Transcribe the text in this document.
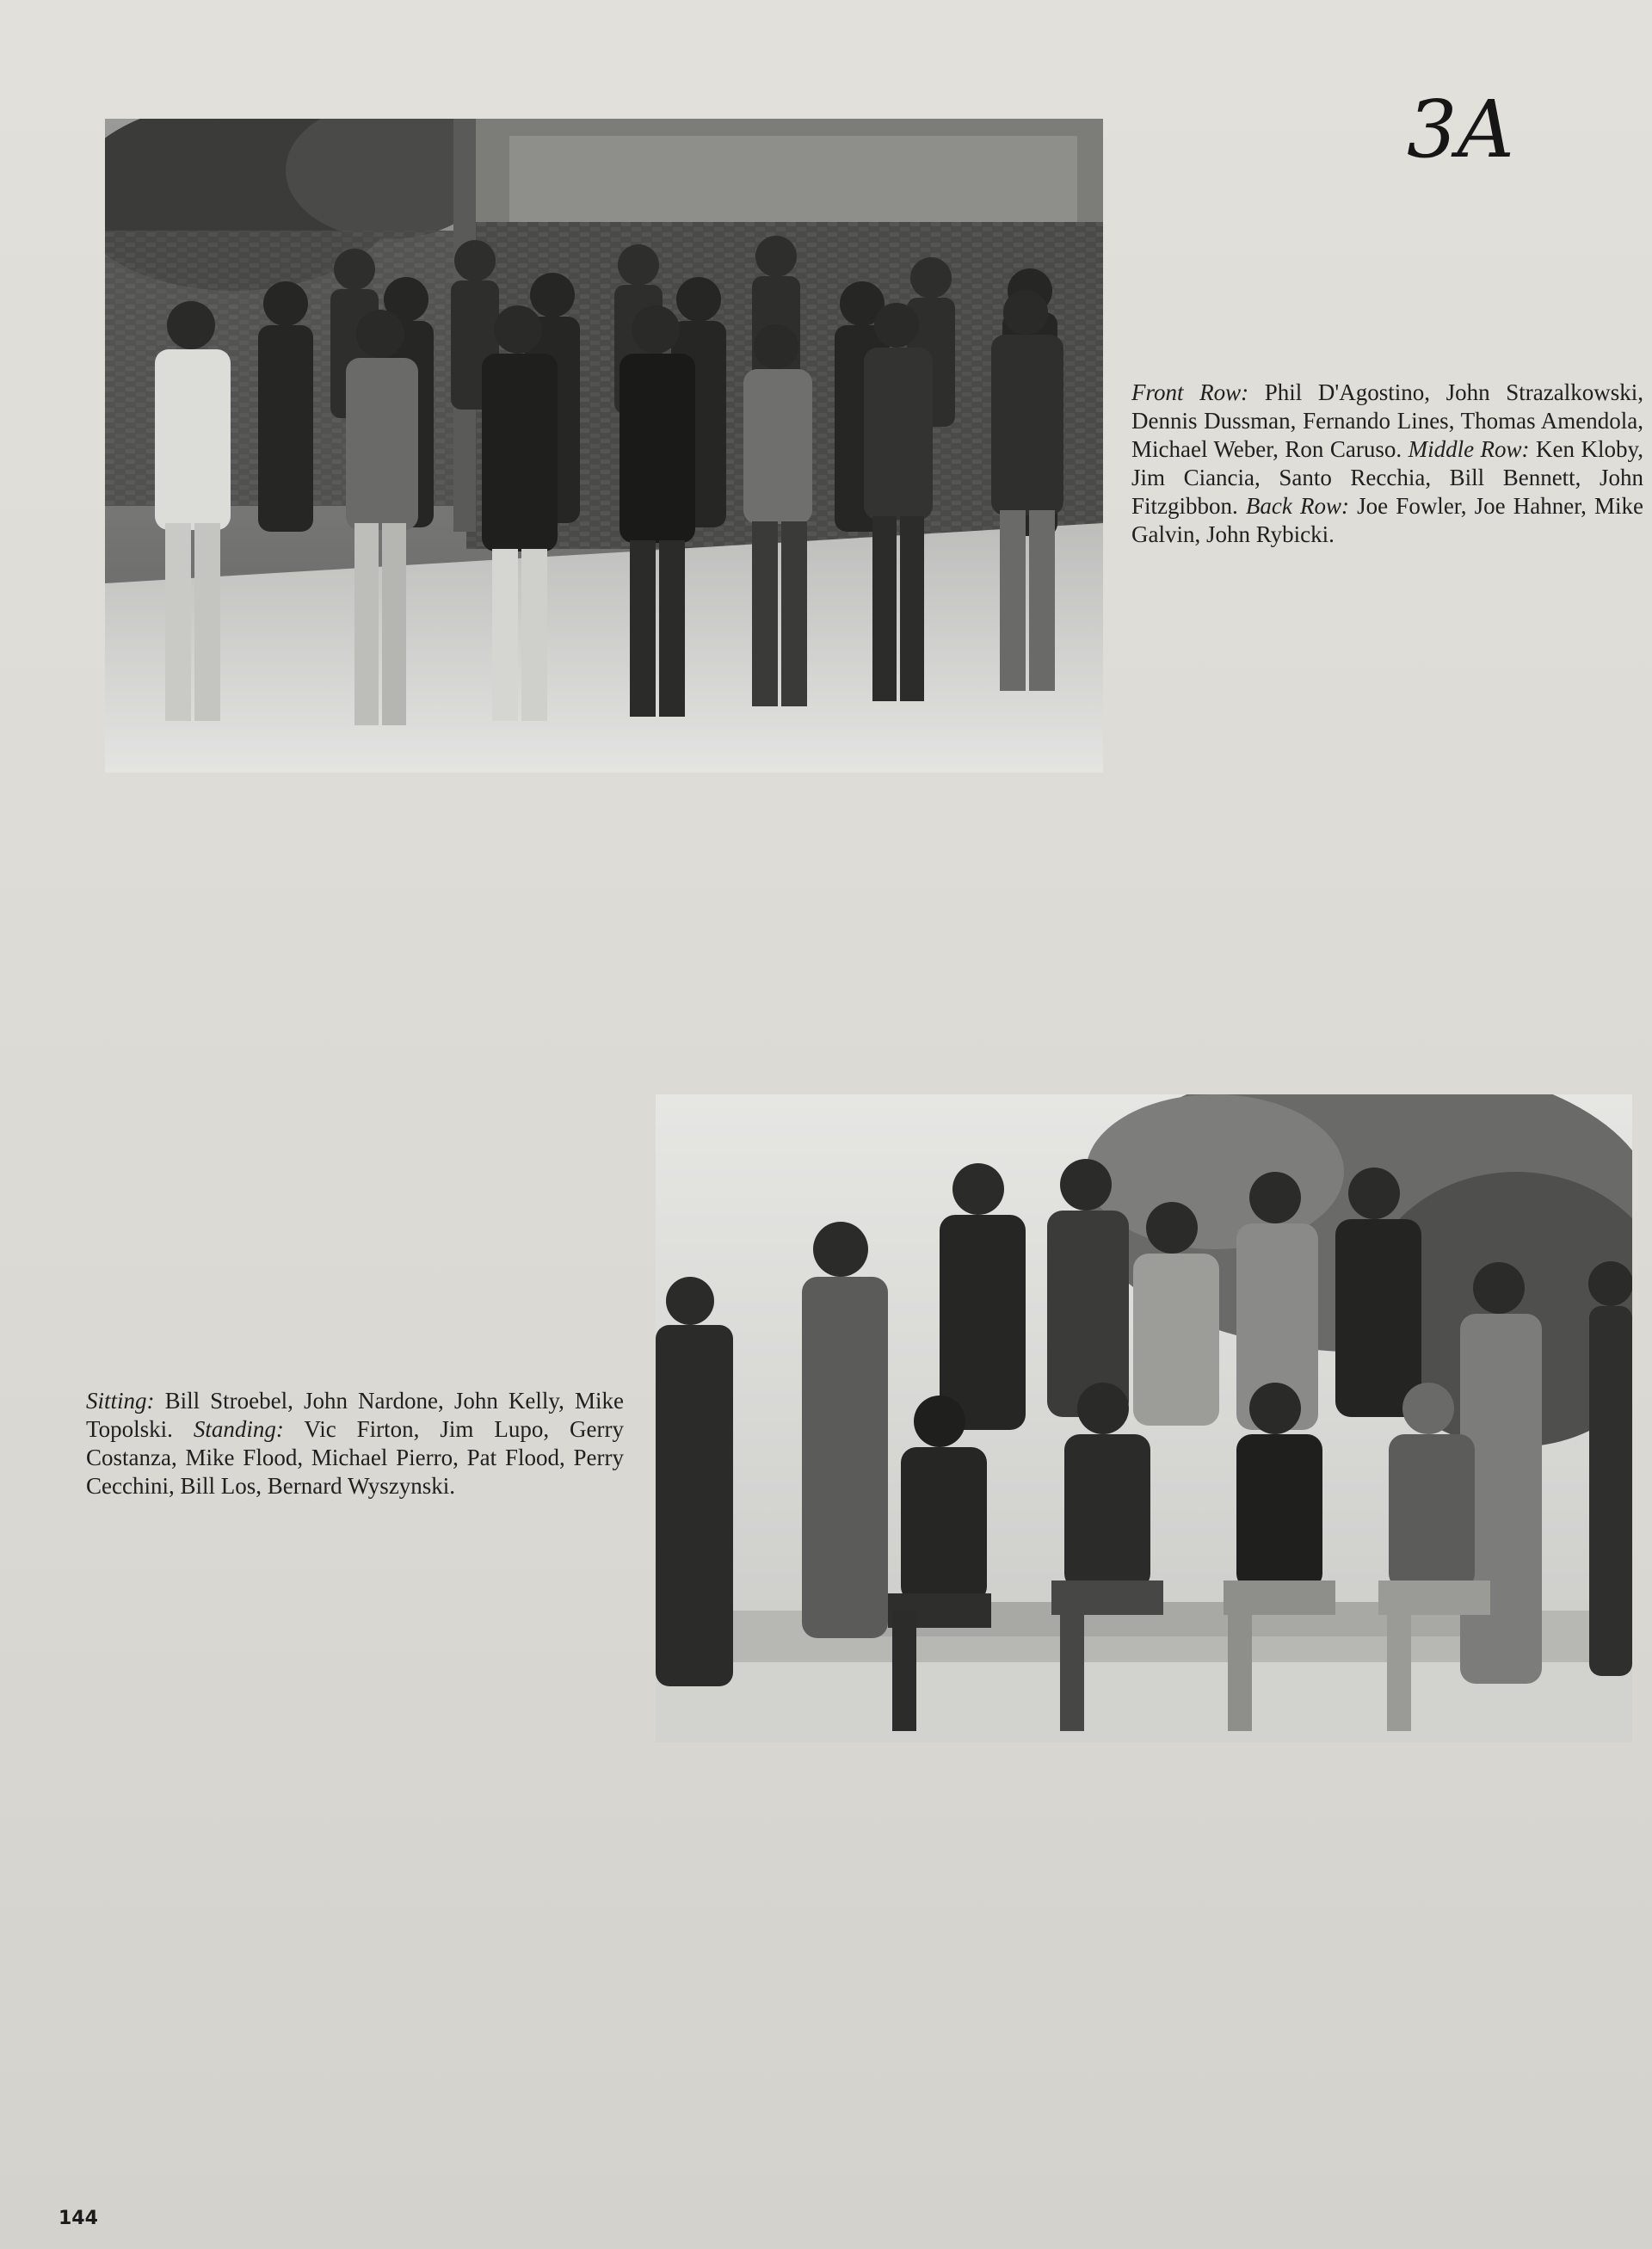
3A

Front Row: Phil D'Agostino, John Strazalkowski, Dennis Dussman, Fernando Lines, Thomas Amendola, Michael Weber, Ron Caruso. Middle Row: Ken Kloby, Jim Ciancia, Santo Recchia, Bill Bennett, John Fitzgibbon. Back Row: Joe Fowler, Joe Hahner, Mike Galvin, John Rybicki.

Sitting: Bill Stroebel, John Nardone, John Kelly, Mike Topolski. Standing: Vic Firton, Jim Lupo, Gerry Costanza, Mike Flood, Michael Pierro, Pat Flood, Perry Cecchini, Bill Los, Bernard Wyszynski.

144
